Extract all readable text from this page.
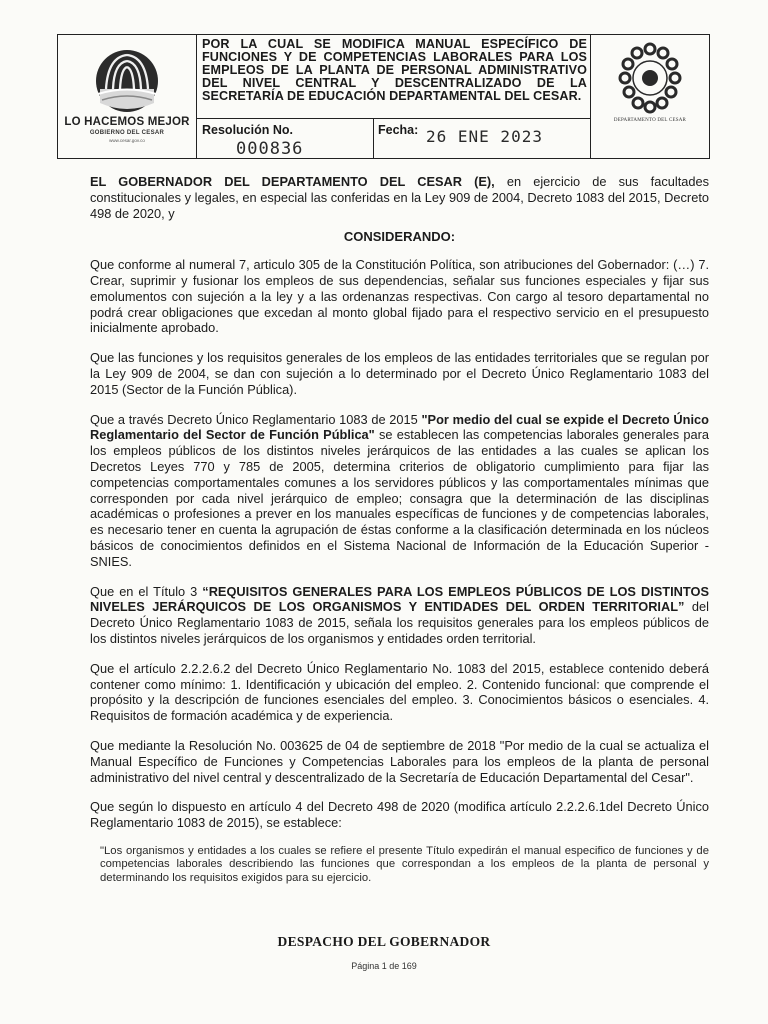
LO HACEMOS MEJOR
GOBIERNO DEL CESAR
www.cesar.gov.co

POR LA CUAL SE MODIFICA MANUAL ESPECÍFICO DE FUNCIONES Y DE COMPETENCIAS LABORALES PARA LOS EMPLEOS DE LA PLANTA DE PERSONAL ADMINISTRATIVO DEL NIVEL CENTRAL Y DESCENTRALIZADO DE LA SECRETARÍA DE EDUCACIÓN DEPARTAMENTAL DEL CESAR.

Resolución No.
000836
Fecha: 26 ENE 2023
DEPARTAMENTO DEL CESAR

EL GOBERNADOR DEL DEPARTAMENTO DEL CESAR (E), en ejercicio de sus facultades constitucionales y legales, en especial las conferidas en la Ley 909 de 2004, Decreto 1083 del 2015, Decreto 498 de 2020, y

CONSIDERANDO:

Que conforme al numeral 7, articulo 305 de la Constitución Política, son atribuciones del Gobernador: (…) 7. Crear, suprimir y fusionar los empleos de sus dependencias, señalar sus funciones especiales y fijar sus emolumentos con sujeción a la ley y a las ordenanzas respectivas. Con cargo al tesoro departamental no podrá crear obligaciones que excedan al monto global fijado para el respectivo servicio en el presupuesto inicialmente aprobado.

Que las funciones y los requisitos generales de los empleos de las entidades territoriales que se regulan por la Ley 909 de 2004, se dan con sujeción a lo determinado por el Decreto Único Reglamentario 1083 del 2015 (Sector de la Función Pública).

Que a través Decreto Único Reglamentario 1083 de 2015 "Por medio del cual se expide el Decreto Único Reglamentario del Sector de Función Pública" se establecen las competencias laborales generales para los empleos públicos de los distintos niveles jerárquicos de las entidades a las cuales se aplican los Decretos Leyes 770 y 785 de 2005, determina criterios de obligatorio cumplimiento para fijar las competencias comportamentales comunes a los servidores públicos y las comportamentales mínimas que corresponden por cada nivel jerárquico de empleo; consagra que la determinación de las disciplinas académicas o profesiones a prever en los manuales específicas de funciones y de competencias laborales, es necesario tener en cuenta la agrupación de éstas conforme a la clasificación determinada en los núcleos básicos de conocimientos definidos en el Sistema Nacional de Información de la Educación Superior - SNIES.

Que en el Título 3 “REQUISITOS GENERALES PARA LOS EMPLEOS PÚBLICOS DE LOS DISTINTOS NIVELES JERÁRQUICOS DE LOS ORGANISMOS Y ENTIDADES DEL ORDEN TERRITORIAL” del Decreto Único Reglamentario 1083 de 2015, señala los requisitos generales para los empleos públicos de los distintos niveles jerárquicos de los organismos y entidades orden territorial.

Que el artículo 2.2.2.6.2 del Decreto Único Reglamentario No. 1083 del 2015, establece contenido deberá contener como mínimo: 1. Identificación y ubicación del empleo. 2. Contenido funcional: que comprende el propósito y la descripción de funciones esenciales del empleo. 3. Conocimientos básicos o esenciales. 4. Requisitos de formación académica y de experiencia.

Que mediante la Resolución No. 003625 de 04 de septiembre de 2018 "Por medio de la cual se actualiza el Manual Específico de Funciones y Competencias Laborales para los empleos de la planta de personal administrativo del nivel central y descentralizado de la Secretaría de Educación Departamental del Cesar".

Que según lo dispuesto en artículo 4 del Decreto 498 de 2020 (modifica artículo 2.2.2.6.1del Decreto Único Reglamentario 1083 de 2015), se establece:

"Los organismos y entidades a los cuales se refiere el presente Título expedirán el manual especifico de funciones y de competencias laborales describiendo las funciones que correspondan a los empleos de la planta de personal y determinando los requisitos exigidos para su ejercicio.

DESPACHO DEL GOBERNADOR
Página 1 de 169
